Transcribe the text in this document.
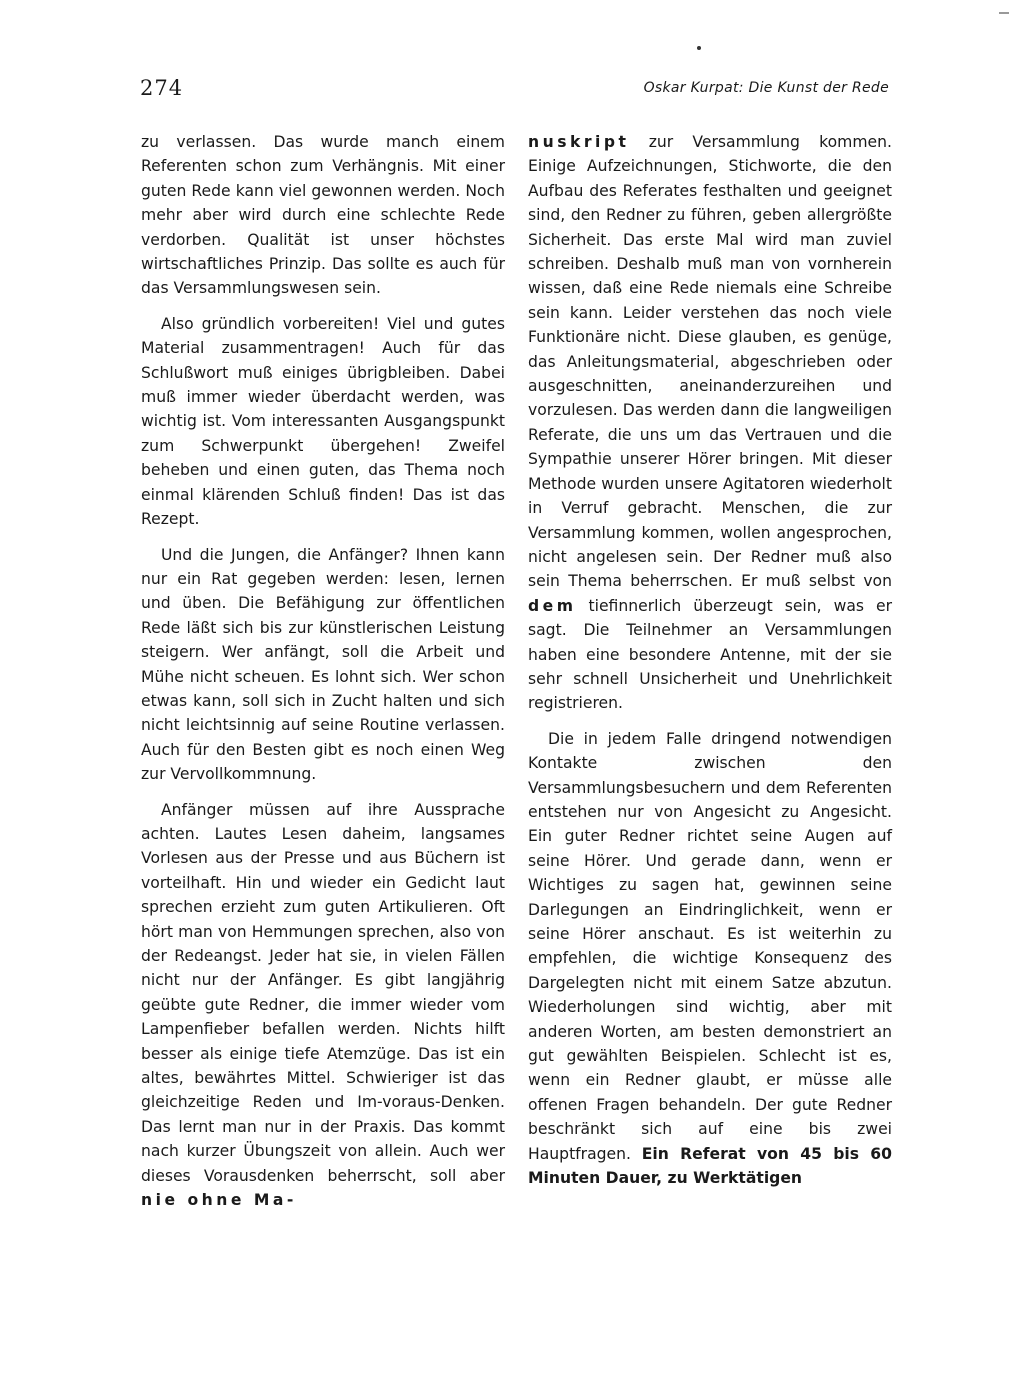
274	Oskar Kurpat: Die Kunst der Rede

zu verlassen. Das wurde manch einem Referenten schon zum Verhängnis. Mit einer guten Rede kann viel gewonnen werden. Noch mehr aber wird durch eine schlechte Rede verdorben. Qualität ist unser höchstes wirtschaftliches Prinzip. Das sollte es auch für das Versammlungswesen sein.

Also gründlich vorbereiten! Viel und gutes Material zusammentragen! Auch für das Schlußwort muß einiges übrigbleiben. Dabei muß immer wieder überdacht werden, was wichtig ist. Vom interessanten Ausgangspunkt zum Schwerpunkt übergehen! Zweifel beheben und einen guten, das Thema noch einmal klärenden Schluß finden! Das ist das Rezept.

Und die Jungen, die Anfänger? Ihnen kann nur ein Rat gegeben werden: lesen, lernen und üben. Die Befähigung zur öffentlichen Rede läßt sich bis zur künstlerischen Leistung steigern. Wer anfängt, soll die Arbeit und Mühe nicht scheuen. Es lohnt sich. Wer schon etwas kann, soll sich in Zucht halten und sich nicht leichtsinnig auf seine Routine verlassen. Auch für den Besten gibt es noch einen Weg zur Vervollkommnung.

Anfänger müssen auf ihre Aussprache achten. Lautes Lesen daheim, langsames Vorlesen aus der Presse und aus Büchern ist vorteilhaft. Hin und wieder ein Gedicht laut sprechen erzieht zum guten Artikulieren. Oft hört man von Hemmungen sprechen, also von der Redeangst. Jeder hat sie, in vielen Fällen nicht nur der Anfänger. Es gibt langjährig geübte gute Redner, die immer wieder vom Lampenfieber befallen werden. Nichts hilft besser als einige tiefe Atemzüge. Das ist ein altes, bewährtes Mittel. Schwieriger ist das gleichzeitige Reden und Im-voraus-Denken. Das lernt man nur in der Praxis. Das kommt nach kurzer Übungszeit von allein. Auch wer dieses Vorausdenken beherrscht, soll aber nie ohne Ma-

nuskript zur Versammlung kommen. Einige Aufzeichnungen, Stichworte, die den Aufbau des Referates festhalten und geeignet sind, den Redner zu führen, geben allergrößte Sicherheit. Das erste Mal wird man zuviel schreiben. Deshalb muß man von vornherein wissen, daß eine Rede niemals eine Schreibe sein kann. Leider verstehen das noch viele Funktionäre nicht. Diese glauben, es genüge, das Anleitungsmaterial, abgeschrieben oder ausgeschnitten, aneinanderzureihen und vorzulesen. Das werden dann die langweiligen Referate, die uns um das Vertrauen und die Sympathie unserer Hörer bringen. Mit dieser Methode wurden unsere Agitatoren wiederholt in Verruf gebracht. Menschen, die zur Versammlung kommen, wollen angesprochen, nicht angelesen sein. Der Redner muß also sein Thema beherrschen. Er muß selbst von dem tiefinnerlich überzeugt sein, was er sagt. Die Teilnehmer an Versammlungen haben eine besondere Antenne, mit der sie sehr schnell Unsicherheit und Unehrlichkeit registrieren.

Die in jedem Falle dringend notwendigen Kontakte zwischen den Versammlungsbesuchern und dem Referenten entstehen nur von Angesicht zu Angesicht. Ein guter Redner richtet seine Augen auf seine Hörer. Und gerade dann, wenn er Wichtiges zu sagen hat, gewinnen seine Darlegungen an Eindringlichkeit, wenn er seine Hörer anschaut. Es ist weiterhin zu empfehlen, die wichtige Konsequenz des Dargelegten nicht mit einem Satze abzutun. Wiederholungen sind wichtig, aber mit anderen Worten, am besten demonstriert an gut gewählten Beispielen. Schlecht ist es, wenn ein Redner glaubt, er müsse alle offenen Fragen behandeln. Der gute Redner beschränkt sich auf eine bis zwei Hauptfragen. Ein Referat von 45 bis 60 Minuten Dauer, zu Werktätigen
